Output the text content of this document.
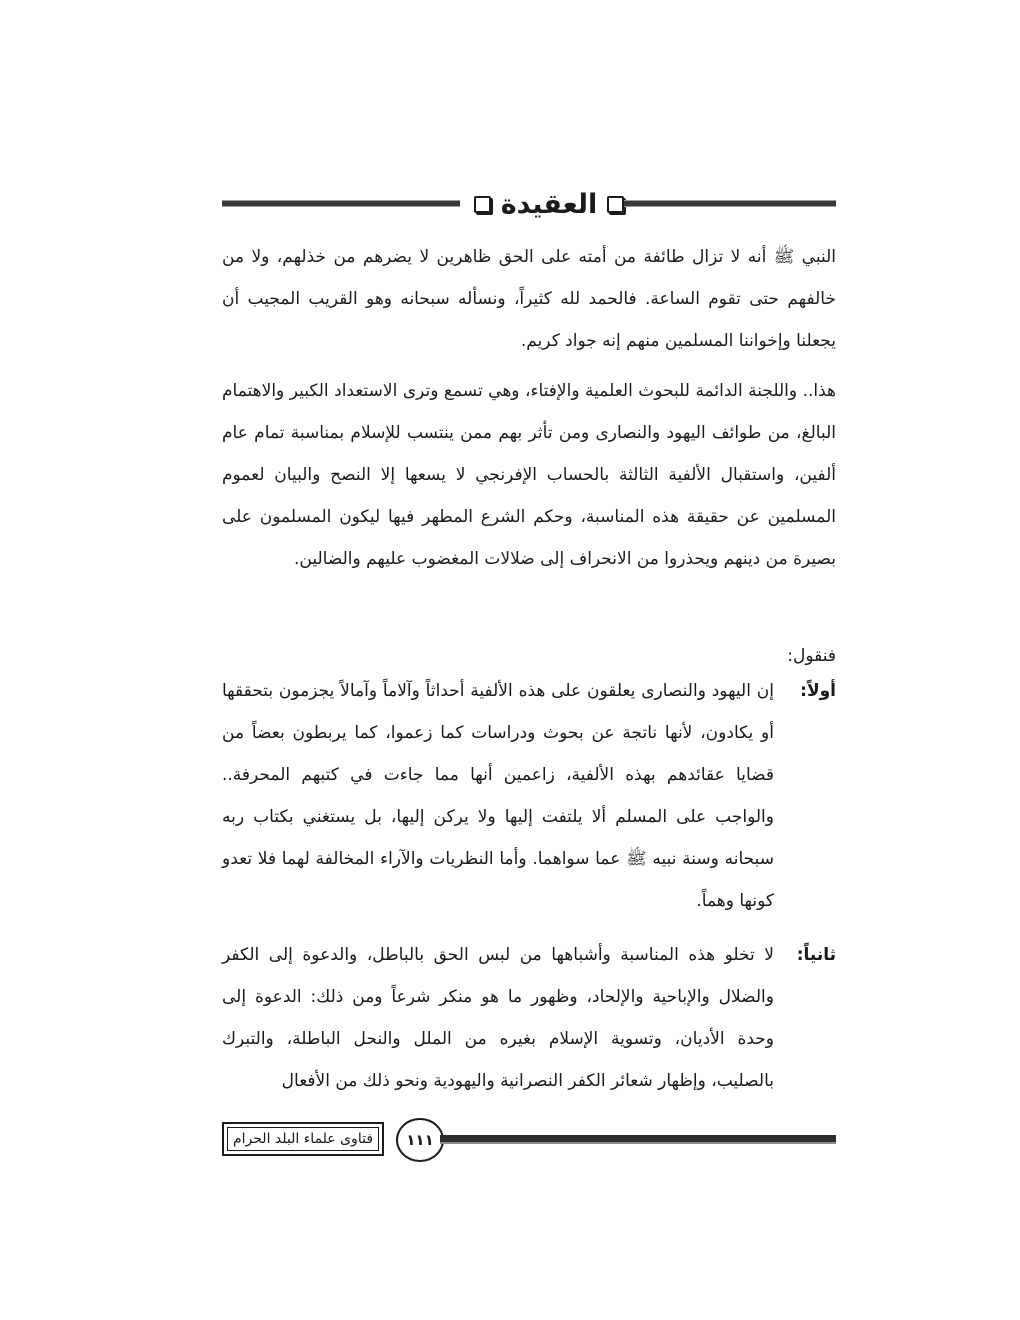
العقيدة
النبي ﷺ أنه لا تزال طائفة من أمته على الحق ظاهرين لا يضرهم من خذلهم، ولا من خالفهم حتى تقوم الساعة. فالحمد لله كثيراً، ونسأله سبحانه وهو القريب المجيب أن يجعلنا وإخواننا المسلمين منهم إنه جواد كريم.
هذا.. واللجنة الدائمة للبحوث العلمية والإفتاء، وهي تسمع وترى الاستعداد الكبير والاهتمام البالغ، من طوائف اليهود والنصارى ومن تأثر بهم ممن ينتسب للإسلام بمناسبة تمام عام ألفين، واستقبال الألفية الثالثة بالحساب الإفرنجي لا يسعها إلا النصح والبيان لعموم المسلمين عن حقيقة هذه المناسبة، وحكم الشرع المطهر فيها ليكون المسلمون على بصيرة من دينهم ويحذروا من الانحراف إلى ضلالات المغضوب عليهم والضالين.
فنقول:
أولاً:
إن اليهود والنصارى يعلقون على هذه الألفية أحداثاً وآلاماً وآمالاً يجزمون بتحققها أو يكادون، لأنها ناتجة عن بحوث ودراسات كما زعموا، كما يربطون بعضاً من قضايا عقائدهم بهذه الألفية، زاعمين أنها مما جاءت في كتبهم المحرفة.. والواجب على المسلم ألا يلتفت إليها ولا يركن إليها، بل يستغني بكتاب ربه سبحانه وسنة نبيه ﷺ عما سواهما. وأما النظريات والآراء المخالفة لهما فلا تعدو كونها وهماً.
ثانياً:
لا تخلو هذه المناسبة وأشباهها من لبس الحق بالباطل، والدعوة إلى الكفر والضلال والإباحية والإلحاد، وظهور ما هو منكر شرعاً ومن ذلك: الدعوة إلى وحدة الأديان، وتسوية الإسلام بغيره من الملل والنحل الباطلة، والتبرك بالصليب، وإظهار شعائر الكفر النصرانية واليهودية ونحو ذلك من الأفعال
فتاوى علماء البلد الحرام	١١١
